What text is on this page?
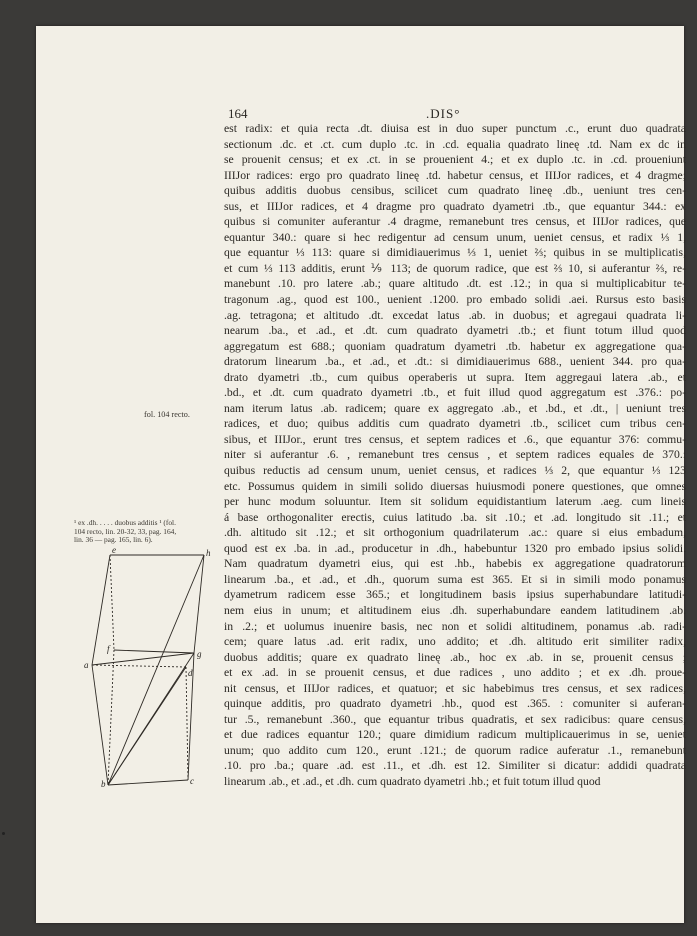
164	.DIS°
est radix: et quia recta .dt. diuisa est in duo super punctum .c., erunt duo quadrata
sectionum .dc. et .ct. cum duplo .tc. in .cd. equalia quadrato lineę .td. Nam ex dc in
se prouenit census; et ex .ct. in se prouenient 4.; et ex duplo .tc. in .cd. proueniunt
IIIJor radices: ergo pro quadrato lineę .td. habetur census, et IIIJor radices, et 4 dragme;
quibus additis duobus censibus, scilicet cum quadrato lineę .db., ueniunt tres cen-
sus, et IIIJor radices, et 4 dragme pro quadrato dyametri .tb., que equantur 344.: ex
quibus si comuniter auferantur .4 dragme, remanebunt tres census, et IIIJor radices, que
equantur 340.: quare si hec redigentur ad censum unum, ueniet census, et radix ⅓ 1,
que equantur ⅓ 113: quare si dimidiauerimus ⅓ 1, ueniet ⅔; quibus in se multiplicatis,
et cum ⅓ 113 additis, erunt ⅑ 113; de quorum radice, que est ⅔ 10, si auferantur ⅔, re-
manebunt .10. pro latere .ab.; quare altitudo .dt. est .12.; in qua si multiplicabitur te-
tragonum .ag., quod est 100., uenient .1200. pro embado solidi .aei. Rursus esto basis
.ag. tetragona; et altitudo .dt. excedat latus .ab. in duobus; et agregaui quadrata li-
nearum .ba., et .ad., et .dt. cum quadrato dyametri .tb.; et fiunt totum illud quod
aggregatum est 688.; quoniam quadratum dyametri .tb. habetur ex aggregatione qua-
dratorum linearum .ba., et .ad., et .dt.: si dimidiauerimus 688., uenient 344. pro qua-
drato dyametri .tb., cum quibus operaberis ut supra. Item aggregaui latera .ab., et
.bd., et .dt. cum quadrato dyametri .tb., et fuit illud quod aggregatum est .376.: po-
nam iterum latus .ab. radicem; quare ex aggregato .ab., et .bd., et .dt., | ueniunt tres
radices, et duo; quibus additis cum quadrato dyametri .tb., scilicet cum tribus cen-
sibus, et IIIJor., erunt tres census, et septem radices et .6., que equantur 376: commu-
niter si auferantur .6. , remanebunt tres census , et septem radices equales de 370.:
quibus reductis ad censum unum, ueniet census, et radices ⅓ 2, que equantur ⅓ 123
etc. Possumus quidem in simili solido diuersas huiusmodi ponere questiones, que omnes
per hunc modum soluuntur. Item sit solidum equidistantium laterum .aeg. cum lineis
á base orthogonaliter erectis, cuius latitudo .ba. sit .10.; et .ad. longitudo sit .11.; et
.dh. altitudo sit .12.; et sit orthogonium quadrilaterum .ac.: quare si eius embadum,
quod est ex .ba. in .ad., producetur in .dh., habebuntur 1320 pro embado ipsius solidi.
Nam quadratum dyametri eius, qui est .hb., habebis ex aggregatione quadratorum
linearum .ba., et .ad., et .dh., quorum suma est 365. Et si in simili modo ponamus
dyametrum radicem esse 365.; et longitudinem basis ipsius superhabundare latitudi-
nem eius in unum; et altitudinem eius .dh. superhabundare eandem latitudinem .ab.
in .2.; et uolumus inuenire basis, nec non et solidi altitudinem, ponamus .ab. radi-
cem; quare latus .ad. erit radix, uno addito; et .dh. altitudo erit similiter radix,
duobus additis; quare ex quadrato lineę .ab., hoc ex .ab. in se, prouenit census ;
et ex .ad. in se prouenit census, et due radices , uno addito ; et ex .dh. proue-
nit census, et IIIJor radices, et quatuor; et sic habebimus tres census, et sex radices,
quinque additis, pro quadrato dyametri .hb., quod est .365. : comuniter si auferan-
tur .5., remanebunt .360., que equantur tribus quadratis, et sex radicibus: quare census,
et due radices equantur 120.; quare dimidium radicum multiplicauerimus in se, ueniet
unum; quo addito cum 120., erunt .121.; de quorum radice auferatur .1., remanebunt
.10. pro .ba.; quare .ad. est .11., et .dh. est 12. Similiter si dicatur: addidi quadrata
linearum .ab., et .ad., et .dh. cum quadrato dyametri .hb.; et fuit totum illud quod
fol. 104 recto.
¹ ex .dh. . . . . duobus additis ¹ (fol.
104 recto, lin. 20-32, 33, pag. 164,
lin. 36 — pag. 165, lin. 6).
e	h
a
f	g
d
b	c
